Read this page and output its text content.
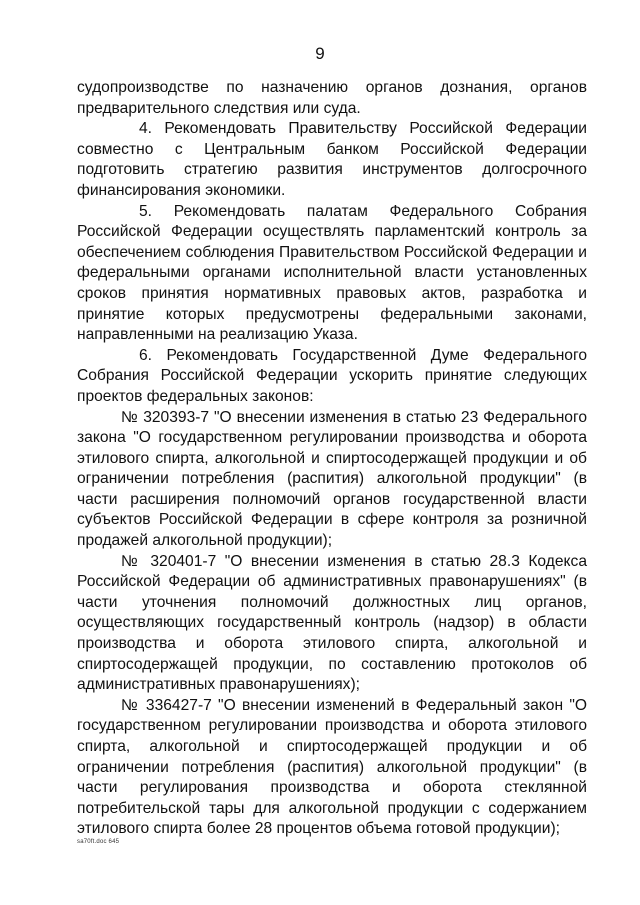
9

судопроизводстве по назначению органов дознания, органов предварительного следствия или суда.

4. Рекомендовать Правительству Российской Федерации совместно с Центральным банком Российской Федерации подготовить стратегию развития инструментов долгосрочного финансирования экономики.

5. Рекомендовать палатам Федерального Собрания Российской Федерации осуществлять парламентский контроль за обеспечением соблюдения Правительством Российской Федерации и федеральными органами исполнительной власти установленных сроков принятия нормативных правовых актов, разработка и принятие которых предусмотрены федеральными законами, направленными на реализацию Указа.

6. Рекомендовать Государственной Думе Федерального Собрания Российской Федерации ускорить принятие следующих проектов федеральных законов:

№ 320393-7 "О внесении изменения в статью 23 Федерального закона "О государственном регулировании производства и оборота этилового спирта, алкогольной и спиртосодержащей продукции и об ограничении потребления (распития) алкогольной продукции" (в части расширения полномочий органов государственной власти субъектов Российской Федерации в сфере контроля за розничной продажей алкогольной продукции);

№ 320401-7 "О внесении изменения в статью 28.3 Кодекса Российской Федерации об административных правонарушениях" (в части уточнения полномочий должностных лиц органов, осуществляющих государственный контроль (надзор) в области производства и оборота этилового спирта, алкогольной и спиртосодержащей продукции, по составлению протоколов об административных правонарушениях);

№ 336427-7 "О внесении изменений в Федеральный закон "О государственном регулировании производства и оборота этилового спирта, алкогольной и спиртосодержащей продукции и об ограничении потребления (распития) алкогольной продукции" (в части регулирования производства и оборота стеклянной потребительской тары для алкогольной продукции с содержанием этилового спирта более 28 процентов объема готовой продукции);

sa70ft.doc 645
